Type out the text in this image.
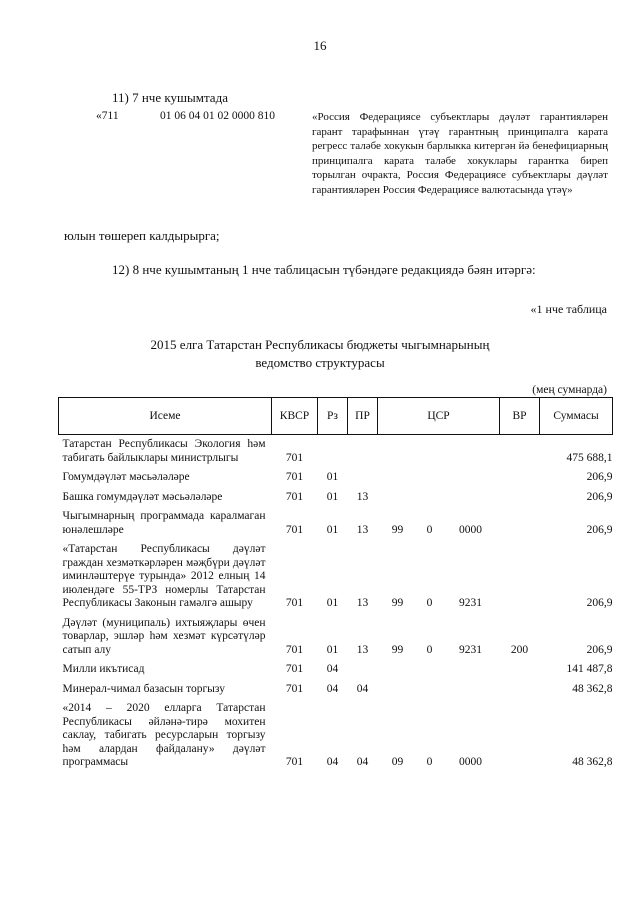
16
11) 7 нче кушымтада
«711	01 06 04 01 02 0000 810	«Россия Федерациясе субъектлары дәүләт гарантияләрен гарант тарафыннан үтәү гарантның принципалга карата регресс таләбе хокукын барлыкка китергән йә бенефициарның принципалга карата таләбе хокуклары гарантка биреп торылган очракта, Россия Федерациясе субъектлары дәүләт гарантияләрен Россия Федерациясе валютасында үтәү»
юлын төшереп калдырырга;
12) 8 нче кушымтаның 1 нче таблицасын түбәндәге редакциядә бәян итәргә:
«1 нче таблица
2015 елга Татарстан Республикасы бюджеты чыгымнарының
ведомство структурасы
(мең сумнарда)
Исеме	КВСР	Рз	ПР	ЦСР			ВР	Суммасы
Татарстан Республикасы Экология һәм табигать байлыклары министрлыгы	701							475 688,1
Гомумдәүләт мәсьәләләре	701	01						206,9
Башка гомумдәүләт мәсьәләләре	701	01	13					206,9
Чыгымнарның программада каралмаган юнәлешләре	701	01	13	99	0	0000		206,9
«Татарстан Республикасы дәүләт граждан хезмәткәрләрен мәҗбүри дәүләт иминләштерүе турында» 2012 елның 14 июлендәге 55-ТРЗ номерлы Татарстан Республикасы Законын гамәлгә ашыру	701	01	13	99	0	9231		206,9
Дәүләт (муниципаль) ихтыяҗлары өчен товарлар, эшләр һәм хезмәт күрсәтүләр сатып алу	701	01	13	99	0	9231	200	206,9
Милли икътисад	701	04						141 487,8
Минерал-чимал базасын торгызу	701	04	04					48 362,8
«2014 – 2020 елларга Татарстан Республикасы әйләнә-тирә мохитен саклау, табигать ресурсларын торгызу һәм алардан файдалану» дәүләт программасы	701	04	04	09	0	0000		48 362,8
